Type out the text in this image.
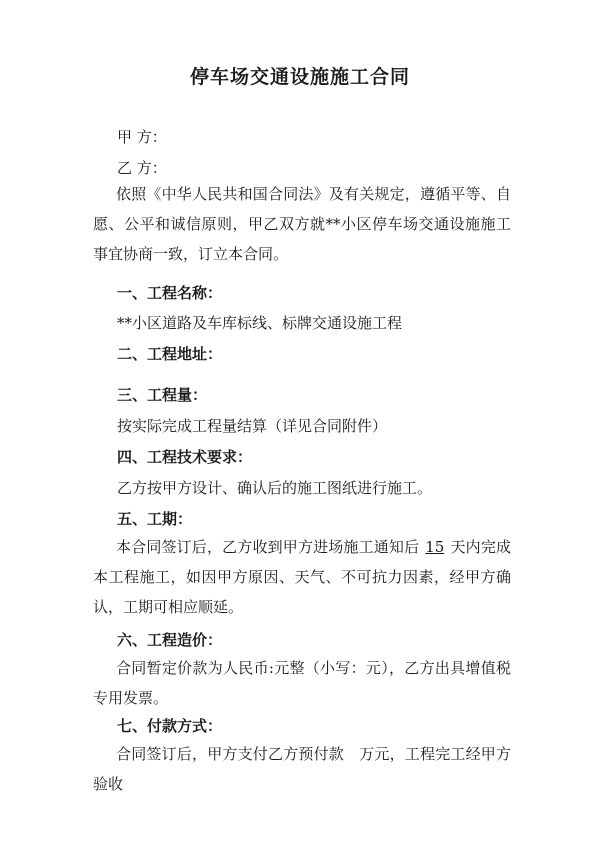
停车场交通设施施工合同
甲 方：
乙 方：
依照《中华人民共和国合同法》及有关规定，遵循平等、自愿、公平和诚信原则，甲乙双方就**小区停车场交通设施施工事宜协商一致，订立本合同。
一、工程名称：
**小区道路及车库标线、标牌交通设施工程
二、工程地址：
三、工程量：
按实际完成工程量结算（详见合同附件）
四、工程技术要求：
乙方按甲方设计、确认后的施工图纸进行施工。
五、工期：
本合同签订后，乙方收到甲方进场施工通知后 15 天内完成本工程施工，如因甲方原因、天气、不可抗力因素，经甲方确认，工期可相应顺延。
六、工程造价：
合同暂定价款为人民币:元整（小写：元），乙方出具增值税专用发票。
七、付款方式：
合同签订后，甲方支付乙方预付款　万元，工程完工经甲方验收
